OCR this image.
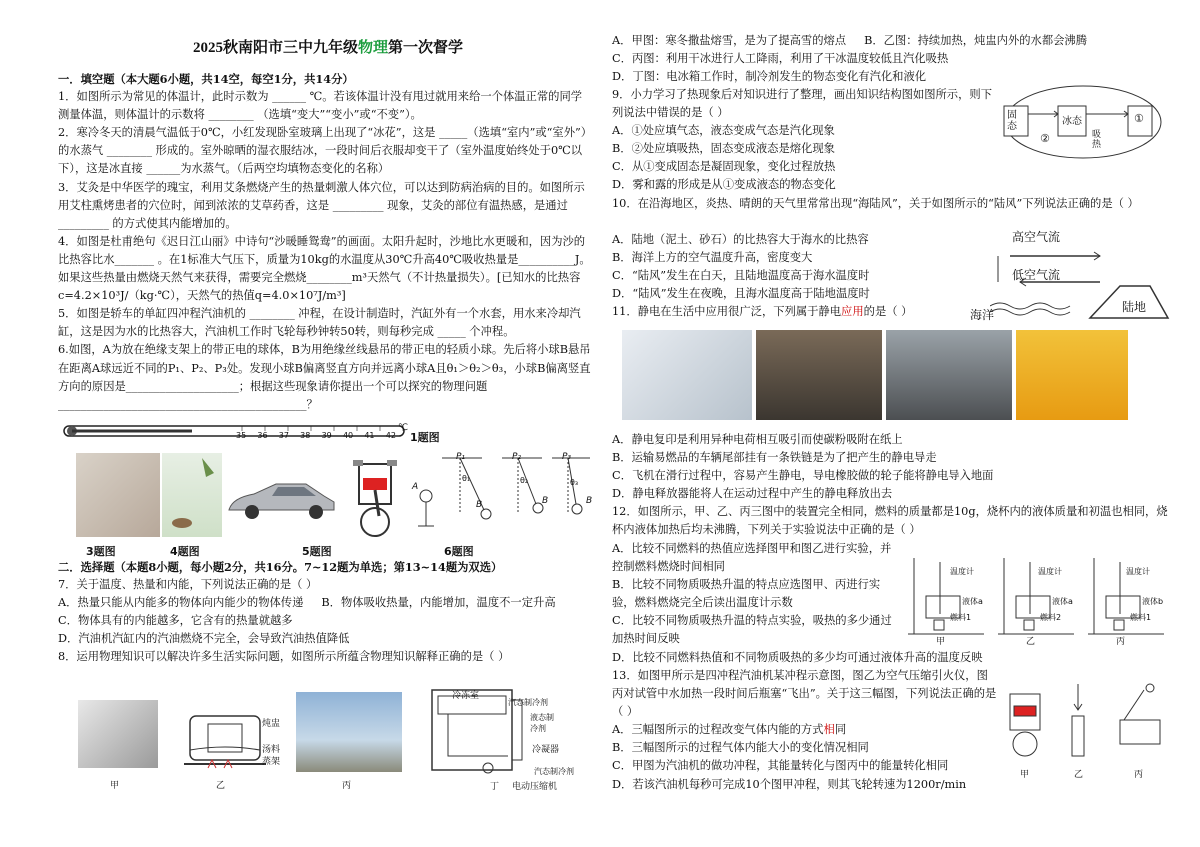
2025秋南阳市三中九年级物理第一次督学

一．填空题（本大题6小题，共14空，每空1分，共14分）

1．如图所示为常见的体温计，此时示数为 ______ ℃。若该体温计没有甩过就用来给一个体温正常的同学测量体温，则体温计的示数将 ________ （选填“变大”“变小”或“不变”）。

2．寒冷冬天的清晨气温低于0℃，小红发现卧室玻璃上出现了“冰花”，这是 _____（选填“室内”或“室外”）的水蒸气 ________ 形成的。室外晾晒的湿衣服结冰，一段时间后衣服却变干了（室外温度始终处于0℃以下），这是冰直接 ______为水蒸气。（后两空均填物态变化的名称）

3．艾灸是中华医学的瑰宝，利用艾条燃烧产生的热量刺激人体穴位，可以达到防病治病的目的。如图所示用艾柱熏烤患者的穴位时，闻到浓浓的艾草药香，这是 _________ 现象，艾灸的部位有温热感，是通过 _________ 的方式使其内能增加的。

4．如图是杜甫绝句《迟日江山丽》中诗句“沙暖睡鸳鸯”的画面。太阳升起时，沙地比水更暖和，因为沙的比热容比水_______ 。在1标准大气压下，质量为10kg的水温度从30℃升高40℃吸收热量是__________J。如果这些热量由燃烧天然气来获得，需要完全燃烧________m³天然气（不计热量损失）。[已知水的比热容c=4.2×10³J/（kg·℃），天然气的热值q=4.0×10⁷J/m³]

5．如图是轿车的单缸四冲程汽油机的 ________ 冲程，在设计制造时，汽缸外有一个水套，用水来冷却汽缸，这是因为水的比热容大，汽油机工作时飞轮每秒钟转50转，则每秒完成 _____ 个冲程。

6.如图，A为放在绝缘支架上的带正电的球体，B为用绝缘丝线悬吊的带正电的轻质小球。先后将小球B悬吊在距离A球远近不同的P₁、P₂、P₃处。发现小球B偏离竖直方向并远离小球A且θ₁＞θ₂＞θ₃，小球B偏离竖直方向的原因是____________________；根据这些现象请你提出一个可以探究的物理问题 ____________________________________________？

35 36 37 38 39 40 41 42
℃
1题图
P₁	P₂	P₃
θ₁	θ₂	θ₃
A
B	B	B
3题图	4题图	5题图	6题图

二．选择题（本题8小题，每小题2分，共16分。7~12题为单选；第13~14题为双选）

7．关于温度、热量和内能，下列说法正确的是（ ）

A．热量只能从内能多的物体向内能少的物体传递 B．物体吸收热量，内能增加，温度不一定升高

C．物体具有的内能越多，它含有的热量就越多

D．汽油机汽缸内的汽油燃烧不完全，会导致汽油热值降低

8．运用物理知识可以解决许多生活实际问题，如图所示所蕴含物理知识解释正确的是（ ）

炖盅
汤料
蒸架
冷冻室
汽态制冷剂
液态制冷剂
冷凝器
汽态制冷剂
电动压缩机
甲	乙	丙	丁

A．甲图：寒冬撒盐熔雪，是为了提高雪的熔点 B．乙图：持续加热，炖盅内外的水都会沸腾

C．丙图：利用干冰进行人工降雨，利用了干冰温度较低且汽化吸热

D．丁图：电冰箱工作时，制冷剂发生的物态变化有汽化和液化

9．小力学习了热现象后对知识进行了整理，画出知识结构图如图所示，则下列说法中错误的是（ ）

A．①处应填气态，液态变成气态是汽化现象

B．②处应填吸热，固态变成液态是熔化现象

C．从①变成固态是凝固现象，变化过程放热

D．雾和露的形成是从①变成液态的物态变化

固态	冰态	①
②	吸热

10．在沿海地区，炎热、晴朗的天气里常常出现“海陆风”，关于如图所示的“陆风”下列说法正确的是（ ）

A．陆地（泥土、砂石）的比热容大于海水的比热容

B．海洋上方的空气温度升高，密度变大

C．“陆风”发生在白天，且陆地温度高于海水温度时

D．“陆风”发生在夜晚，且海水温度高于陆地温度时

11．静电在生活中应用很广泛，下列属于静电应用的是（ ）

高空气流
低空气流
陆地
海洋

A．静电复印是利用异种电荷相互吸引而使碳粉吸附在纸上

B．运输易燃品的车辆尾部挂有一条铁链是为了把产生的静电导走

C．飞机在滑行过程中，容易产生静电，导电橡胶做的轮子能将静电导入地面

D．静电释放器能将人在运动过程中产生的静电释放出去

12．如图所示，甲、乙、丙三图中的装置完全相同，燃料的质量都是10g，烧杯内的液体质量和初温也相同，烧杯内液体加热后均未沸腾，下列关于实验说法中正确的是（ ）

A．比较不同燃料的热值应选择图甲和图乙进行实验，并控制燃料燃烧时间相同

B．比较不同物质吸热升温的特点应选图甲、丙进行实验，燃料燃烧完全后读出温度计示数

C．比较不同物质吸热升温的特点实验，吸热的多少通过加热时间反映

温度计
液体a
燃料1
温度计
液体a
燃料2
温度计
液体b
燃料1
甲	乙	丙

D．比较不同燃料热值和不同物质吸热的多少均可通过液体升高的温度反映

13．如图甲所示是四冲程汽油机某冲程示意图，图乙为空气压缩引火仪，图丙对试管中水加热一段时间后瓶塞“飞出”。关于这三幅图，下列说法正确的是（ ）

A．三幅图所示的过程改变气体内能的方式相同

B．三幅图所示的过程气体内能大小的变化情况相同

C．甲图为汽油机的做功冲程，其能量转化与图丙中的能量转化相同

D．若该汽油机每秒可完成10个图甲冲程，则其飞轮转速为1200r/min

甲	乙	丙
